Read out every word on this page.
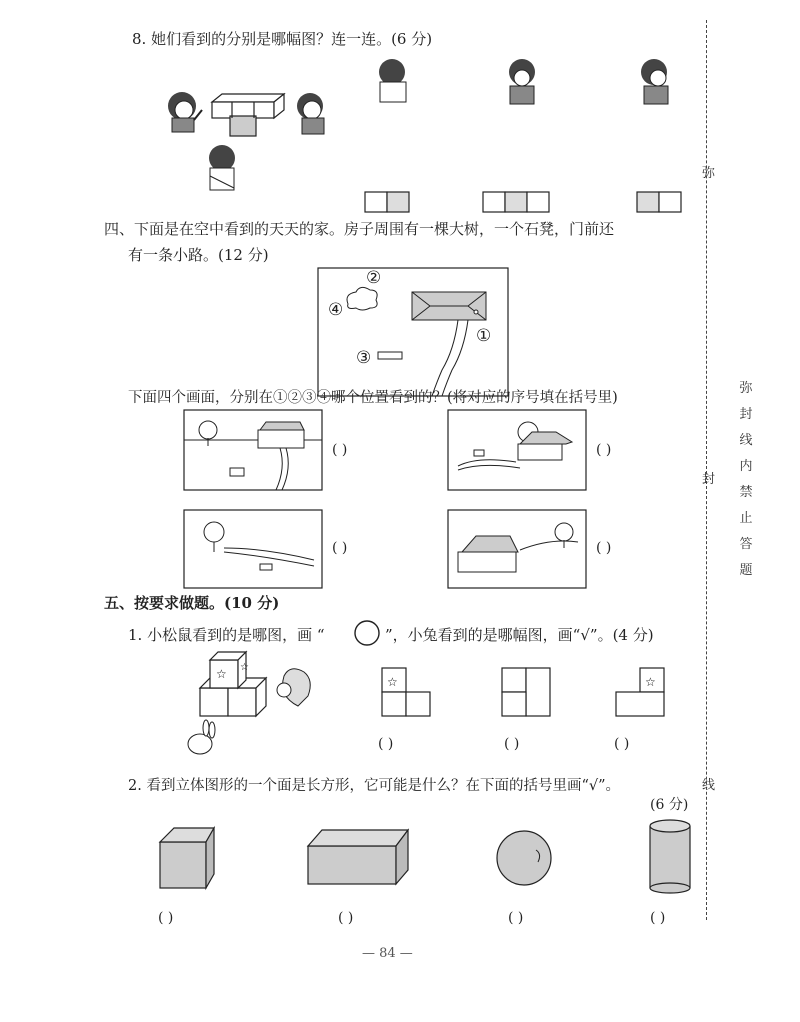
8. 她们看到的分别是哪幅图？连一连。(6 分)
四、下面是在空中看到的天天的家。房子周围有一棵大树，一个石凳，门前还
有一条小路。(12 分)
②
④
③
①
下面四个画面，分别在①②③④哪个位置看到的？(将对应的序号填在括号里)
( )	( )
( )	( )
五、按要求做题。(10 分)
1. 小松鼠看到的是哪图，画 “	”，小兔看到的是哪幅图，画“√”。(4 分)
☆ ☆
☆
( )	( )
☆
( )
2. 看到立体图形的一个面是长方形，它可能是什么？在下面的括号里画“√”。
(6 分)
( )	( )	( )	( )
— 84 —
弥
封
线
弥
封
线
内
禁
止
答
题
